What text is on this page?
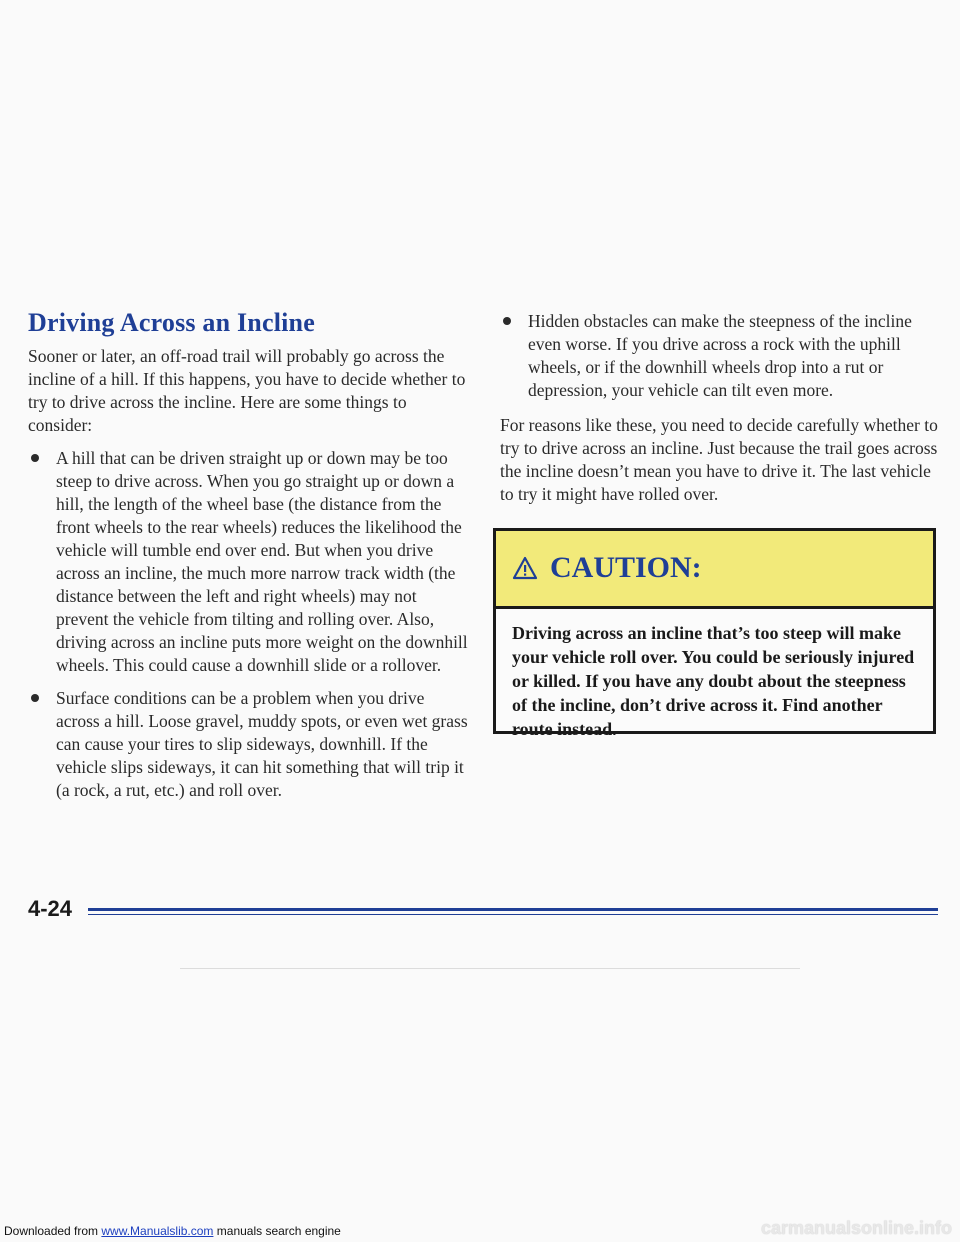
Driving Across an Incline

Sooner or later, an off-road trail will probably go across the incline of a hill. If this happens, you have to decide whether to try to drive across the incline. Here are some things to consider:

A hill that can be driven straight up or down may be too steep to drive across. When you go straight up or down a hill, the length of the wheel base (the distance from the front wheels to the rear wheels) reduces the likelihood the vehicle will tumble end over end. But when you drive across an incline, the much more narrow track width (the distance between the left and right wheels) may not prevent the vehicle from tilting and rolling over. Also, driving across an incline puts more weight on the downhill wheels. This could cause a downhill slide or a rollover.
Surface conditions can be a problem when you drive across a hill. Loose gravel, muddy spots, or even wet grass can cause your tires to slip sideways, downhill. If the vehicle slips sideways, it can hit something that will trip it (a rock, a rut, etc.) and roll over.
Hidden obstacles can make the steepness of the incline even worse. If you drive across a rock with the uphill wheels, or if the downhill wheels drop into a rut or depression, your vehicle can tilt even more.

For reasons like these, you need to decide carefully whether to try to drive across an incline. Just because the trail goes across the incline doesn’t mean you have to drive it. The last vehicle to try it might have rolled over.

CAUTION:
Driving across an incline that’s too steep will make your vehicle roll over. You could be seriously injured or killed. If you have any doubt about the steepness of the incline, don’t drive across it. Find another route instead.
4-24
Downloaded from www.Manualslib.com manuals search engine	carmanualsonline.info
